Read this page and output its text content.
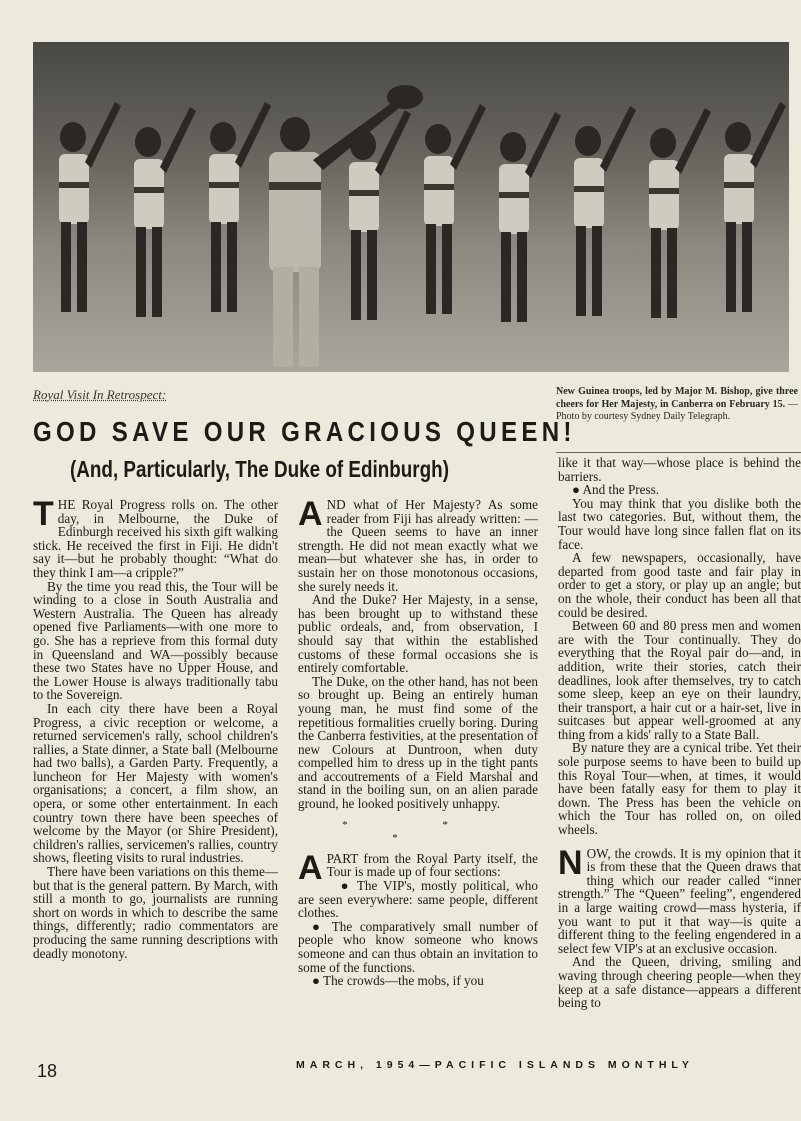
Royal Visit In Retrospect:	New Guinea troops, led by Major M. Bishop, give three cheers for Her Majesty, in Canberra on February 15. —Photo by courtesy Sydney Daily Telegraph.
GOD SAVE OUR GRACIOUS QUEEN!
(And, Particularly, The Duke of Edinburgh)

THE Royal Progress rolls on. The other day, in Melbourne, the Duke of Edinburgh received his sixth gift walking stick. He received the first in Fiji. He didn't say it—but he probably thought: “What do they think I am—a cripple?”

By the time you read this, the Tour will be winding to a close in South Australia and Western Australia. The Queen has already opened five Parliaments—with one more to go. She has a reprieve from this formal duty in Queensland and WA—possibly because these two States have no Upper House, and the Lower House is always traditionally tabu to the Sovereign.

In each city there have been a Royal Progress, a civic reception or welcome, a returned servicemen's rally, school children's rallies, a State dinner, a State ball (Melbourne had two balls), a Garden Party. Frequently, a luncheon for Her Majesty with women's organisations; a concert, a film show, an opera, or some other entertainment. In each country town there have been speeches of welcome by the Mayor (or Shire President), children's rallies, servicemen's rallies, country shows, fleeting visits to rural industries.

There have been variations on this theme—but that is the general pattern. By March, with still a month to go, journalists are running short on words in which to describe the same things, differently; radio commentators are producing the same running descriptions with deadly monotony.

AND what of Her Majesty? As some reader from Fiji has already written: — the Queen seems to have an inner strength. He did not mean exactly what we mean—but whatever she has, in order to sustain her on those monotonous occasions, she surely needs it.

And the Duke? Her Majesty, in a sense, has been brought up to withstand these public ordeals, and, from observation, I should say that within the established customs of these formal occasions she is entirely comfortable.

The Duke, on the other hand, has not been so brought up. Being an entirely human young man, he must find some of the repetitious formalities cruelly boring. During the Canberra festivities, at the presentation of new Colours at Duntroon, when duty compelled him to dress up in the tight pants and accoutrements of a Field Marshal and stand in the boiling sun, on an alien parade ground, he looked positively unhappy.

* * *

APART from the Royal Party itself, the Tour is made up of four sections:

● The VIP's, mostly political, who are seen everywhere: same people, different clothes.

● The comparatively small number of people who know someone who knows someone and can thus obtain an invitation to some of the functions.

● The crowds—the mobs, if you

like it that way—whose place is behind the barriers.

● And the Press.

You may think that you dislike both the last two categories. But, without them, the Tour would have long since fallen flat on its face.

A few newspapers, occasionally, have departed from good taste and fair play in order to get a story, or play up an angle; but on the whole, their conduct has been all that could be desired.

Between 60 and 80 press men and women are with the Tour continually. They do everything that the Royal pair do—and, in addition, write their stories, catch their deadlines, look after themselves, try to catch some sleep, keep an eye on their laundry, their transport, a hair cut or a hair-set, live in suitcases but appear well-groomed at any thing from a kids' rally to a State Ball.

By nature they are a cynical tribe. Yet their sole purpose seems to have been to build up this Royal Tour—when, at times, it would have been fatally easy for them to play it down. The Press has been the vehicle on which the Tour has rolled on, on oiled wheels.

NOW, the crowds. It is my opinion that it is from these that the Queen draws that thing which our reader called “inner strength.” The “Queen” feeling”, engendered in a large waiting crowd—mass hysteria, if you want to put it that way—is quite a different thing to the feeling engendered in a select few VIP's at an exclusive occasion.

And the Queen, driving, smiling and waving through cheering people—when they keep at a safe distance—appears a different being to

18	MARCH, 1954—PACIFIC ISLANDS MONTHLY
